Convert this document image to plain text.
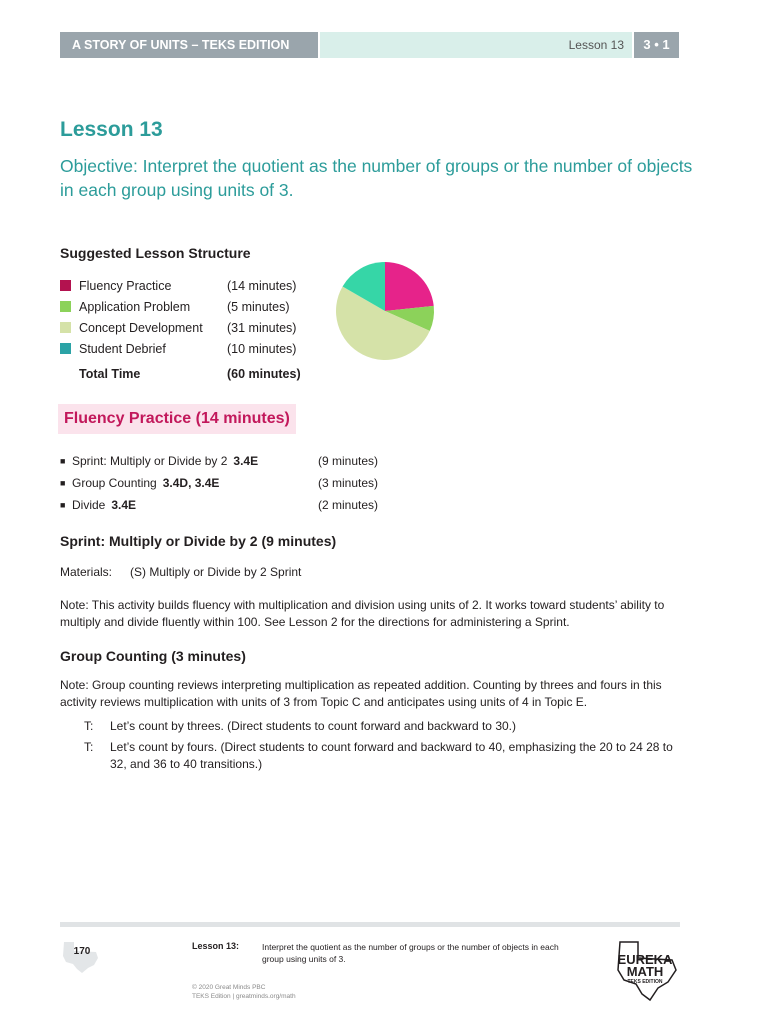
A STORY OF UNITS – TEKS EDITION	Lesson 13	3 • 1
Lesson 13
Objective: Interpret the quotient as the number of groups or the number of objects in each group using units of 3.
Suggested Lesson Structure
Fluency Practice	(14 minutes)
Application Problem	(5 minutes)
Concept Development	(31 minutes)
Student Debrief	(10 minutes)
Total Time	(60 minutes)
Fluency Practice (14 minutes)
■ Sprint: Multiply or Divide by 2 3.4E	(9 minutes)
■ Group Counting 3.4D, 3.4E	(3 minutes)
■ Divide 3.4E	(2 minutes)
Sprint: Multiply or Divide by 2 (9 minutes)
Materials: (S) Multiply or Divide by 2 Sprint
Note: This activity builds fluency with multiplication and division using units of 2. It works toward students’ ability to multiply and divide fluently within 100. See Lesson 2 for the directions for administering a Sprint.
Group Counting (3 minutes)
Note: Group counting reviews interpreting multiplication as repeated addition. Counting by threes and fours in this activity reviews multiplication with units of 3 from Topic C and anticipates using units of 4 in Topic E.
T:	Let’s count by threes. (Direct students to count forward and backward to 30.)
T:	Let’s count by fours. (Direct students to count forward and backward to 40, emphasizing the 20 to 24 28 to 32, and 36 to 40 transitions.)
170	Lesson 13:	Interpret the quotient as the number of groups or the number of objects in each group using units of 3.
© 2020 Great Minds PBC
TEKS Edition | greatminds.org/math
EUREKA
MATH
TEKS EDITION
